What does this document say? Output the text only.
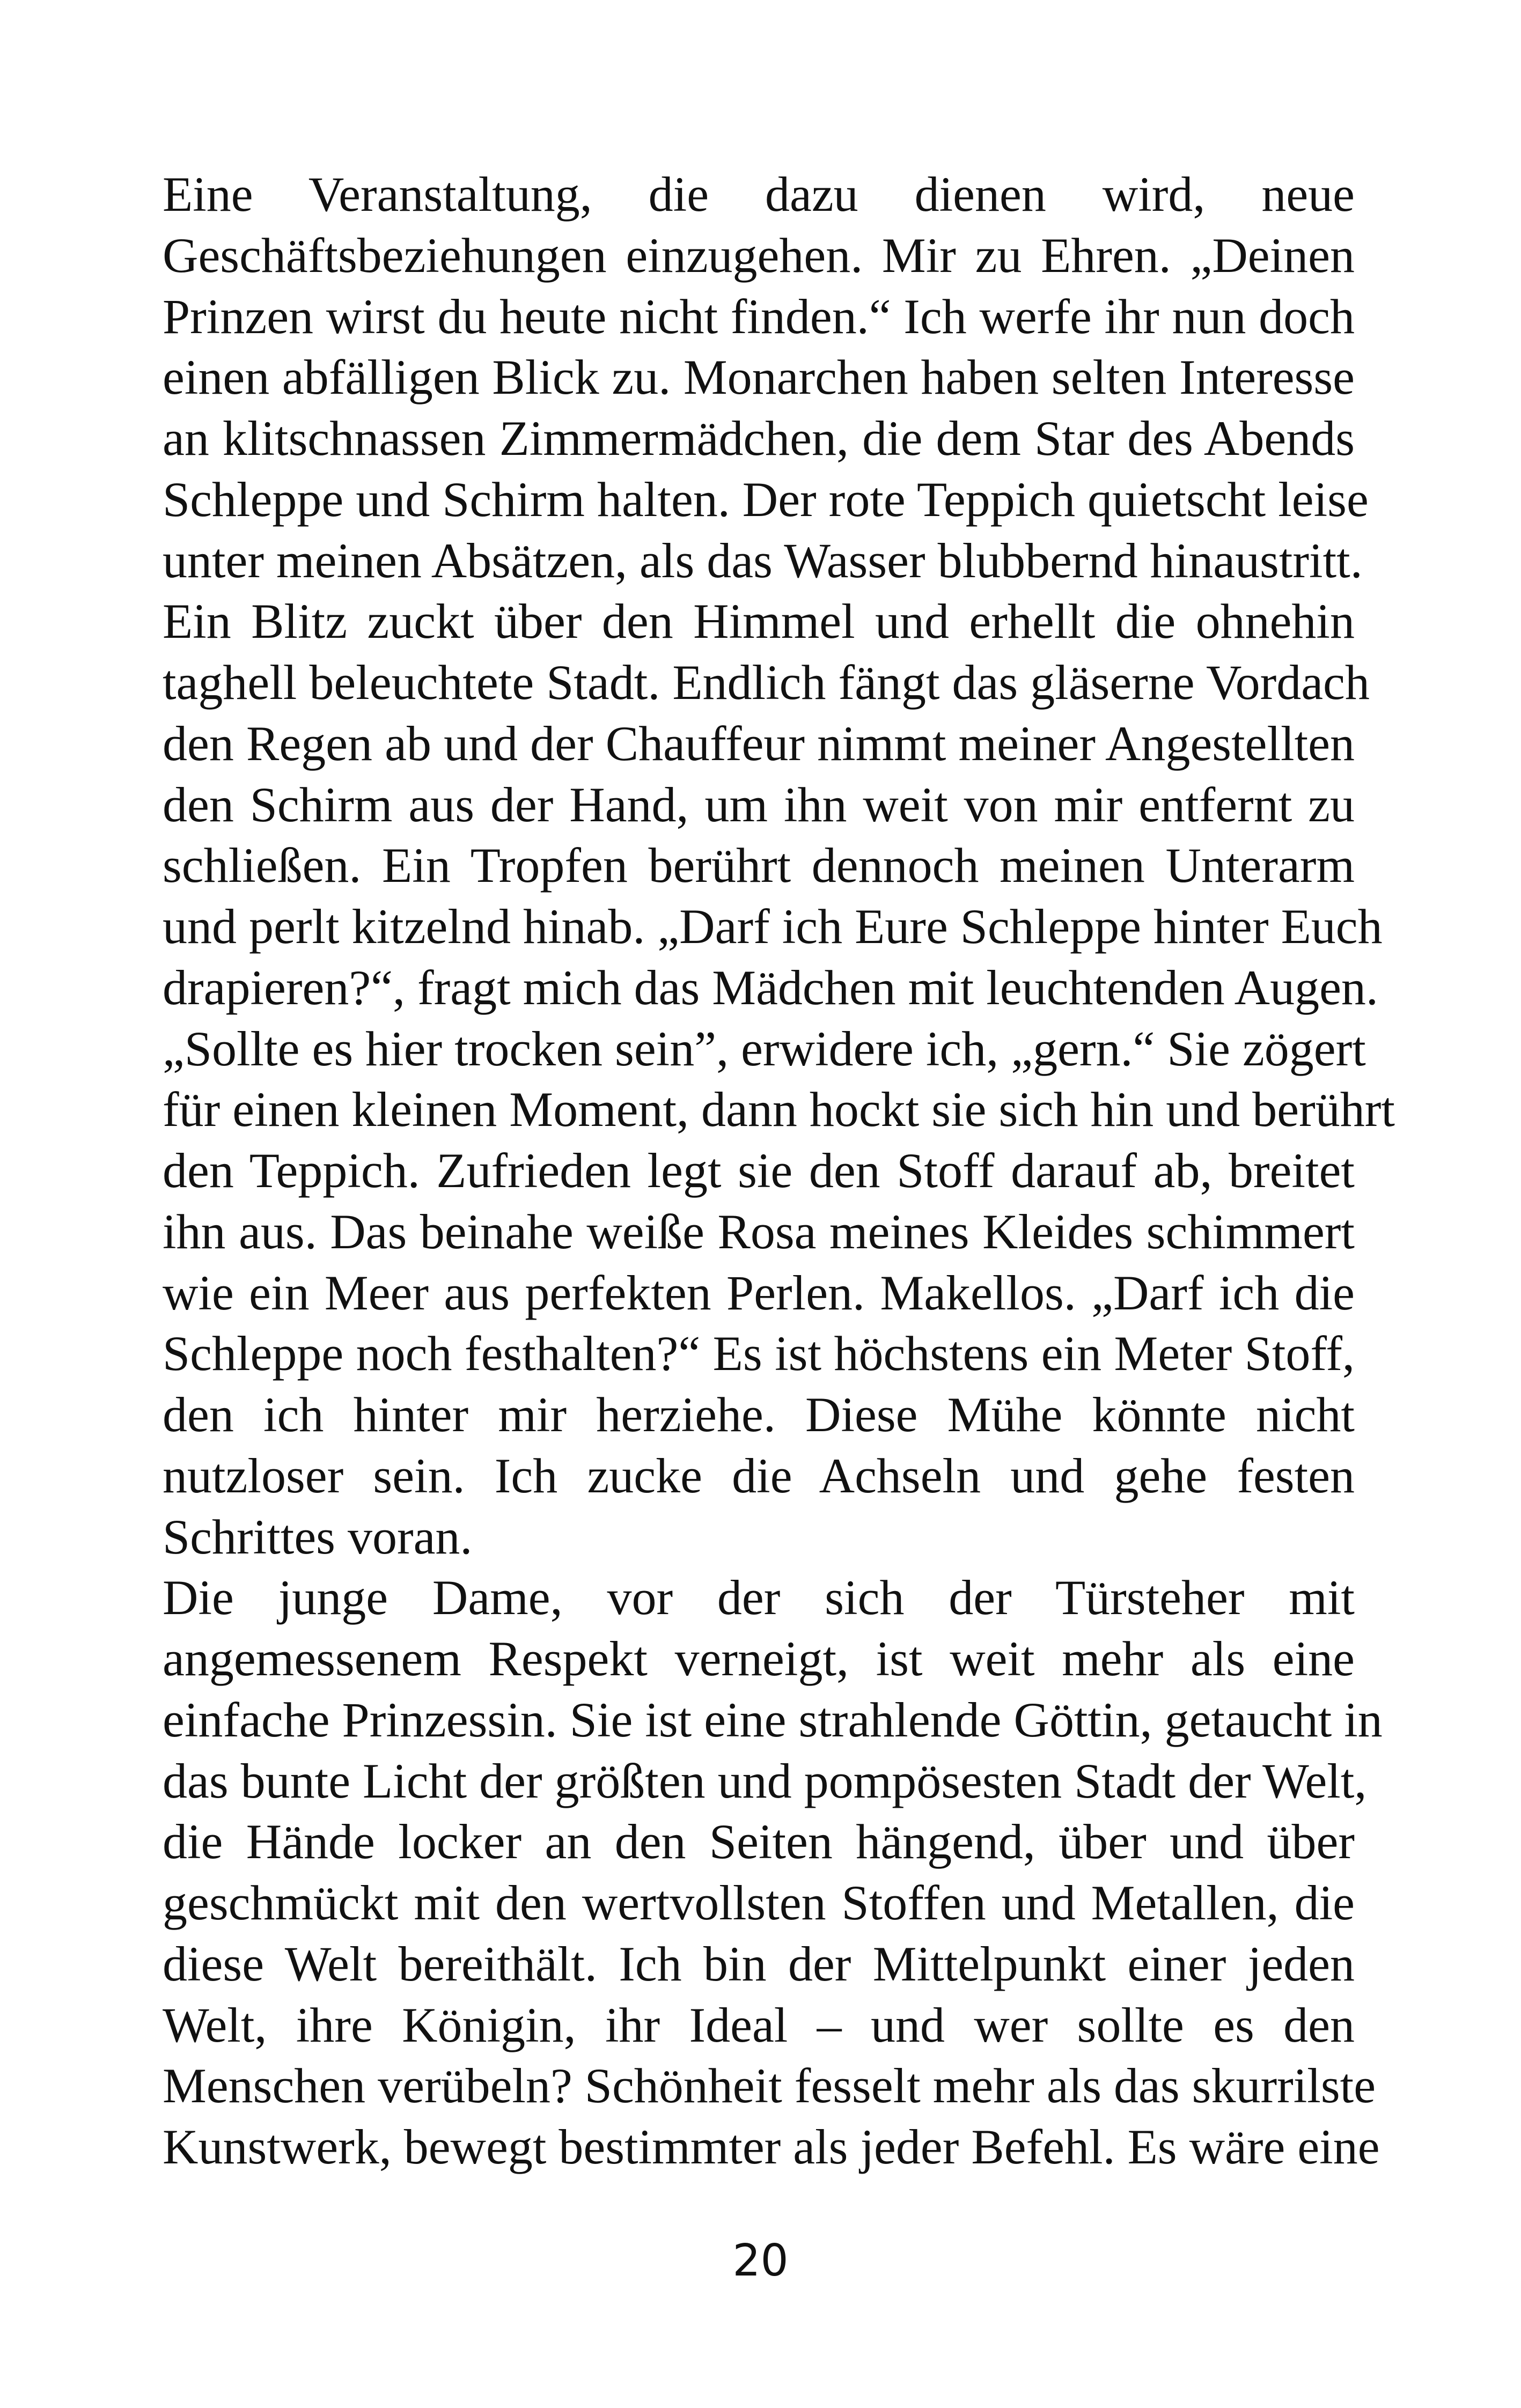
Eine Veranstaltung, die dazu dienen wird, neue
Geschäftsbeziehungen einzugehen. Mir zu Ehren. „Deinen
Prinzen wirst du heute nicht finden.“ Ich werfe ihr nun doch
einen abfälligen Blick zu. Monarchen haben selten Interesse
an klitschnassen Zimmermädchen, die dem Star des Abends
Schleppe und Schirm halten. Der rote Teppich quietscht leise
unter meinen Absätzen, als das Wasser blubbernd hinaustritt.
Ein Blitz zuckt über den Himmel und erhellt die ohnehin
taghell beleuchtete Stadt. Endlich fängt das gläserne Vordach
den Regen ab und der Chauffeur nimmt meiner Angestellten
den Schirm aus der Hand, um ihn weit von mir entfernt zu
schließen. Ein Tropfen berührt dennoch meinen Unterarm
und perlt kitzelnd hinab. „Darf ich Eure Schleppe hinter Euch
drapieren?“, fragt mich das Mädchen mit leuchtenden Augen.
„Sollte es hier trocken sein”, erwidere ich, „gern.“ Sie zögert
für einen kleinen Moment, dann hockt sie sich hin und berührt
den Teppich. Zufrieden legt sie den Stoff darauf ab, breitet
ihn aus. Das beinahe weiße Rosa meines Kleides schimmert
wie ein Meer aus perfekten Perlen. Makellos. „Darf ich die
Schleppe noch festhalten?“ Es ist höchstens ein Meter Stoff,
den ich hinter mir herziehe. Diese Mühe könnte nicht
nutzloser sein. Ich zucke die Achseln und gehe festen
Schrittes voran.
Die junge Dame, vor der sich der Türsteher mit
angemessenem Respekt verneigt, ist weit mehr als eine
einfache Prinzessin. Sie ist eine strahlende Göttin, getaucht in
das bunte Licht der größten und pompösesten Stadt der Welt,
die Hände locker an den Seiten hängend, über und über
geschmückt mit den wertvollsten Stoffen und Metallen, die
diese Welt bereithält. Ich bin der Mittelpunkt einer jeden
Welt, ihre Königin, ihr Ideal – und wer sollte es den
Menschen verübeln? Schönheit fesselt mehr als das skurrilste
Kunstwerk, bewegt bestimmter als jeder Befehl. Es wäre eine
20
